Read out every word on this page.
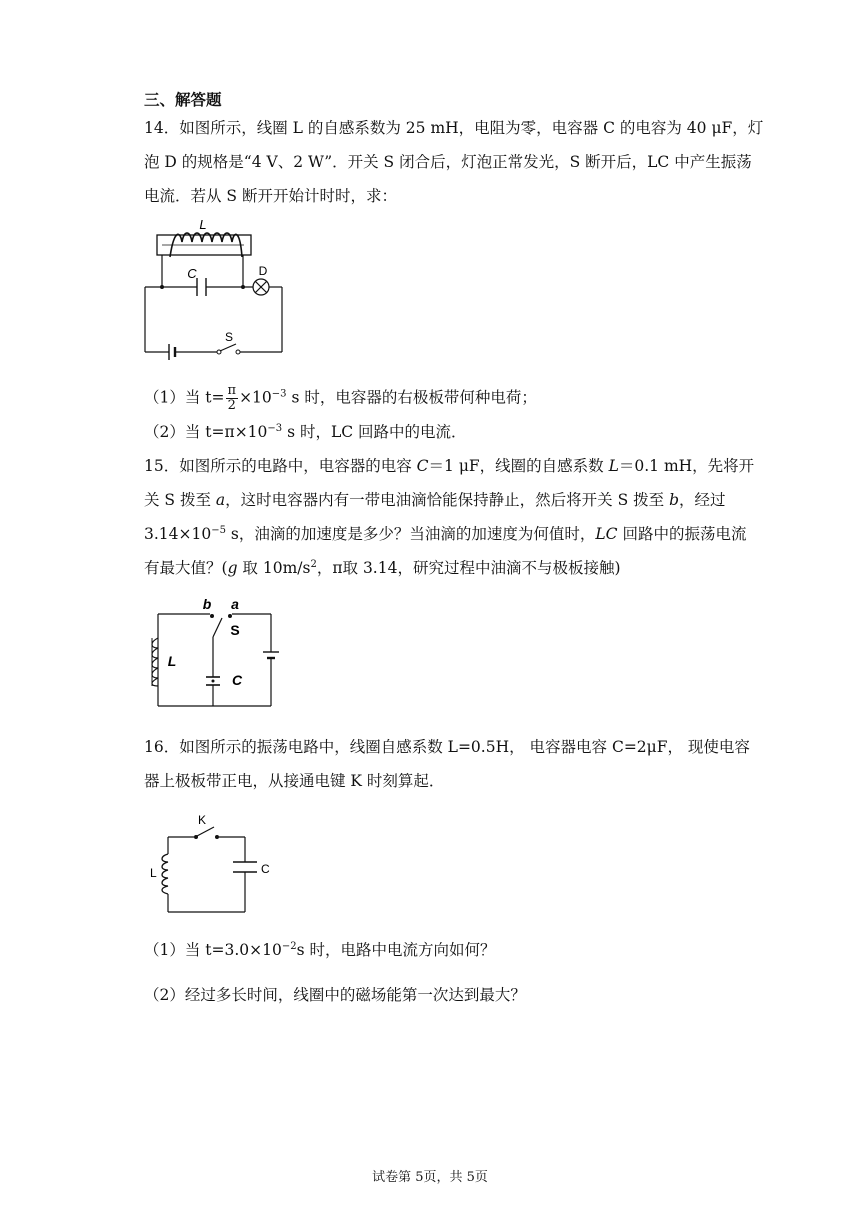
三、解答题
14．如图所示，线圈 L 的自感系数为 25 mH，电阻为零，电容器 C 的电容为 40 μF，灯
泡 D 的规格是“4 V、2 W”．开关 S 闭合后，灯泡正常发光，S 断开后，LC 中产生振荡
电流．若从 S 断开开始计时时，求：
L
C	D
S
（1）当 $t= \frac{\pi}{2} \times 10^{-3}$ s 时，电容器的右极板带何种电荷；
（2）当 $t=\pi\times 10^{-3}$ s 时，LC 回路中的电流．
15．如图所示的电路中，电容器的电容 C＝1 μF，线圈的自感系数 L＝0.1 mH，先将开
关 S 拨至 a，这时电容器内有一带电油滴恰能保持静止，然后将开关 S 拨至 b，经过
$3.14\times 10^{-5}$ s，油滴的加速度是多少？当油滴的加速度为何值时，LC 回路中的振荡电流
有最大值？(g 取 $10m/s^2$，π取 3.14，研究过程中油滴不与极板接触)
b a
S
C
L
16．如图所示的振荡电路中，线圈自感系数 L=0.5H， 电容器电容 C=2μF， 现使电容
器上极板带正电，从接通电键 K 时刻算起．
K
C
L
（1）当 $t=3.0\times 10^{-2}s$ 时，电路中电流方向如何？
（2）经过多长时间，线圈中的磁场能第一次达到最大？
试卷第 5页，共 5页
